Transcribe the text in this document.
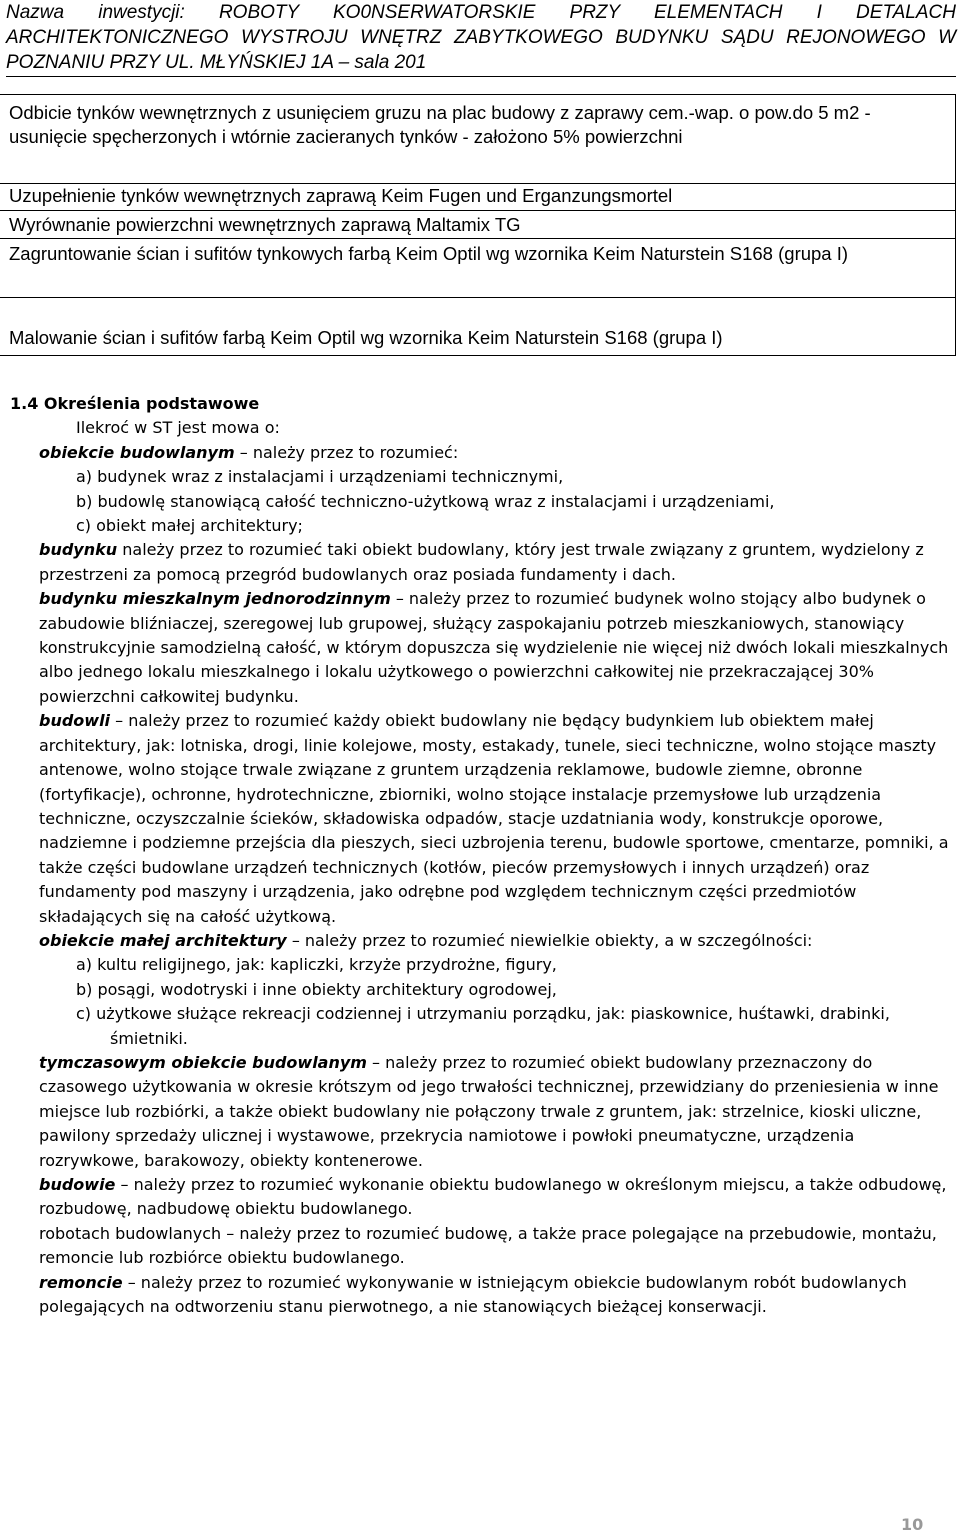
Nazwa inwestycji: ROBOTY KO0NSERWATORSKIE PRZY ELEMENTACH I DETALACH ARCHITEKTONICZNEGO WYSTROJU WNĘTRZ ZABYTKOWEGO BUDYNKU SĄDU REJONOWEGO W POZNANIU PRZY UL. MŁYŃSKIEJ 1A – sala 201

Odbicie tynków wewnętrznych z usunięciem gruzu na plac budowy z zaprawy cem.-wap. o pow.do 5 m2 - usunięcie spęcherzonych i wtórnie zacieranych tynków - założono 5% powierzchni
Uzupełnienie tynków wewnętrznych zaprawą Keim Fugen und Erganzungsmortel
Wyrównanie powierzchni wewnętrznych zaprawą Maltamix TG
Zagruntowanie ścian i sufitów tynkowych farbą Keim Optil wg wzornika Keim Naturstein S168 (grupa I)
Malowanie ścian i sufitów farbą Keim Optil wg wzornika Keim Naturstein S168 (grupa I)

1.4 Określenia podstawowe

Ilekroć w ST jest mowa o:

obiekcie budowlanym – należy przez to rozumieć:

a) budynek wraz z instalacjami i urządzeniami technicznymi,

b) budowlę stanowiącą całość techniczno-użytkową wraz z instalacjami i urządzeniami,

c) obiekt małej architektury;

budynku należy przez to rozumieć taki obiekt budowlany, który jest trwale związany z gruntem, wydzielony z przestrzeni za pomocą przegród budowlanych oraz posiada fundamenty i dach.

budynku mieszkalnym jednorodzinnym – należy przez to rozumieć budynek wolno stojący albo budynek o zabudowie bliźniaczej, szeregowej lub grupowej, służący zaspokajaniu potrzeb mieszkaniowych, stanowiący konstrukcyjnie samodzielną całość, w którym dopuszcza się wydzielenie nie więcej niż dwóch lokali mieszkalnych albo jednego lokalu mieszkalnego i lokalu użytkowego o powierzchni całkowitej nie przekraczającej 30% powierzchni całkowitej budynku.

budowli – należy przez to rozumieć każdy obiekt budowlany nie będący budynkiem lub obiektem małej architektury, jak: lotniska, drogi, linie kolejowe, mosty, estakady, tunele, sieci techniczne, wolno stojące maszty antenowe, wolno stojące trwale związane z gruntem urządzenia reklamowe, budowle ziemne, obronne (fortyfikacje), ochronne, hydrotechniczne, zbiorniki, wolno stojące instalacje przemysłowe lub urządzenia techniczne, oczyszczalnie ścieków, składowiska odpadów, stacje uzdatniania wody, konstrukcje oporowe, nadziemne i podziemne przejścia dla pieszych, sieci uzbrojenia terenu, budowle sportowe, cmentarze, pomniki, a także części budowlane urządzeń technicznych (kotłów, pieców przemysłowych i innych urządzeń) oraz fundamenty pod maszyny i urządzenia, jako odrębne pod względem technicznym części przedmiotów składających się na całość użytkową.

obiekcie małej architektury – należy przez to rozumieć niewielkie obiekty, a w szczególności:

a) kultu religijnego, jak: kapliczki, krzyże przydrożne, figury,

b) posągi, wodotryski i inne obiekty architektury ogrodowej,

c) użytkowe służące rekreacji codziennej i utrzymaniu porządku, jak: piaskownice, huśtawki, drabinki, śmietniki.

tymczasowym obiekcie budowlanym – należy przez to rozumieć obiekt budowlany przeznaczony do czasowego użytkowania w okresie krótszym od jego trwałości technicznej, przewidziany do przeniesienia w inne miejsce lub rozbiórki, a także obiekt budowlany nie połączony trwale z gruntem, jak: strzelnice, kioski uliczne, pawilony sprzedaży ulicznej i wystawowe, przekrycia namiotowe i powłoki pneumatyczne, urządzenia rozrywkowe, barakowozy, obiekty kontenerowe.

budowie – należy przez to rozumieć wykonanie obiektu budowlanego w określonym miejscu, a także odbudowę, rozbudowę, nadbudowę obiektu budowlanego.

robotach budowlanych – należy przez to rozumieć budowę, a także prace polegające na przebudowie, montażu, remoncie lub rozbiórce obiektu budowlanego.

remoncie – należy przez to rozumieć wykonywanie w istniejącym obiekcie budowlanym robót budowlanych polegających na odtworzeniu stanu pierwotnego, a nie stanowiących bieżącej konserwacji.

10
